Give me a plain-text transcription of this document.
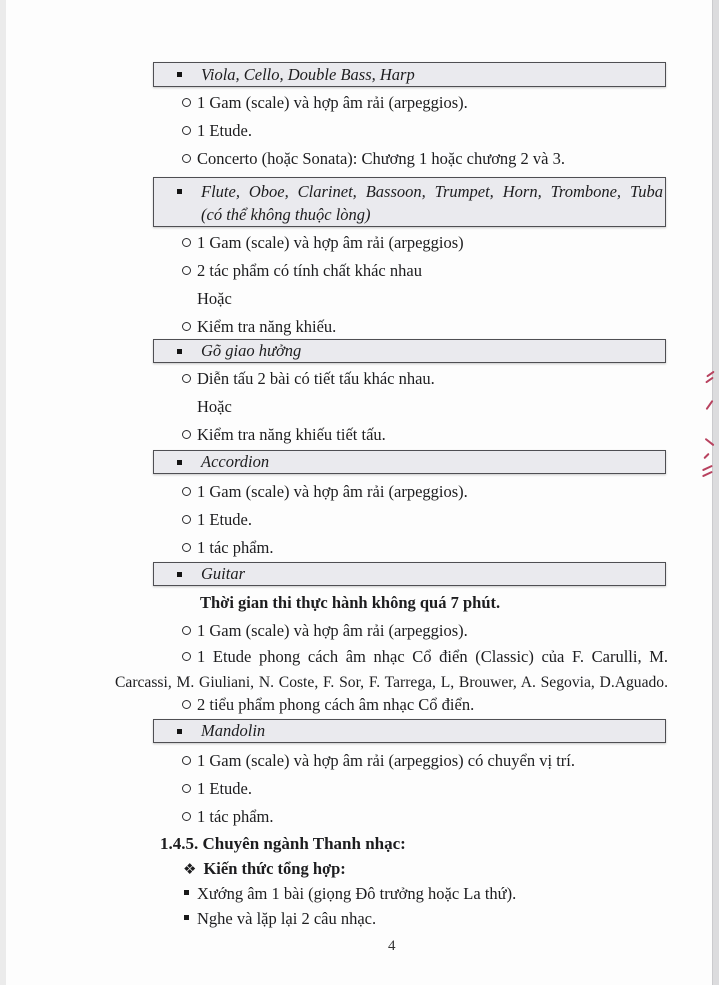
Viola, Cello, Double Bass, Harp
1 Gam (scale) và hợp âm rải (arpeggios).
1 Etude.
Concerto (hoặc Sonata): Chương 1 hoặc chương 2 và 3.
Flute, Oboe, Clarinet, Bassoon, Trumpet, Horn, Trombone, Tuba
(có thể không thuộc lòng)
1 Gam (scale) và hợp âm rải (arpeggios)
2 tác phẩm có tính chất khác nhau
Hoặc
Kiểm tra năng khiếu.
Gõ giao hưởng
Diễn tấu 2 bài có tiết tấu khác nhau.
Hoặc
Kiểm tra năng khiếu tiết tấu.
Accordion
1 Gam (scale) và hợp âm rải (arpeggios).
1 Etude.
1 tác phẩm.
Guitar
Thời gian thi thực hành không quá 7 phút.
1 Gam (scale) và hợp âm rải (arpeggios).
1 Etude phong cách âm nhạc Cổ điển (Classic) của F. Carulli, M.
Carcassi, M. Giuliani, N. Coste, F. Sor, F. Tarrega, L, Brouwer, A. Segovia, D.Aguado.
2 tiểu phẩm phong cách âm nhạc Cổ điển.
Mandolin
1 Gam (scale) và hợp âm rải (arpeggios) có chuyển vị trí.
1 Etude.
1 tác phẩm.
1.4.5. Chuyên ngành Thanh nhạc:
❖ Kiến thức tổng hợp:
Xướng âm 1 bài (giọng Đô trưởng hoặc La thứ).
Nghe và lặp lại 2 câu nhạc.
4
